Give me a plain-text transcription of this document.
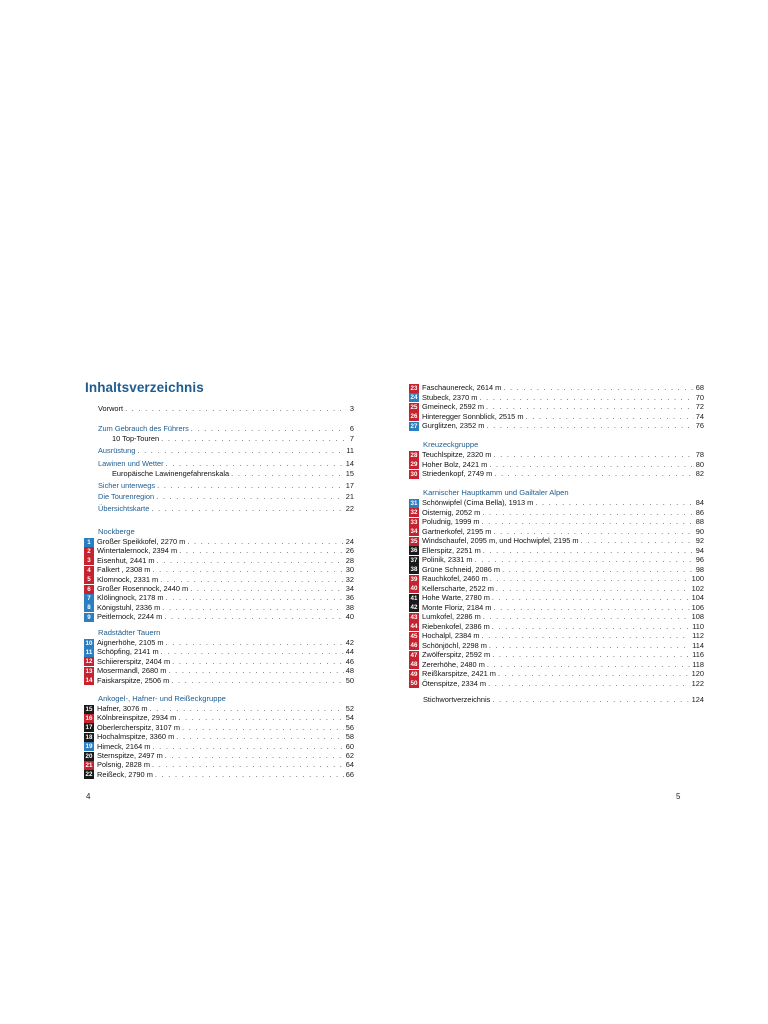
Inhaltsverzeichnis
Vorwort . . .	3
Zum Gebrauch des Führers . . .	6
10 Top-Touren . . .	7
Ausrüstung . . .	11
Lawinen und Wetter . . .	14
Europäische Lawinengefahrenskala . . .	15
Sicher unterwegs . . .	17
Die Tourenregion . . .	21
Übersichtskarte . . .	22
Nockberge
1 Großer Speikkofel, 2270 m . . .	24
2 Wintertalernock, 2394 m . . .	26
3 Eisenhut, 2441 m . . .	28
4 Falkert , 2308 m . . .	30
5 Klomnock, 2331 m . . .	32
6 Großer Rosennock, 2440 m . . .	34
7 Klölingnock, 2178 m . . .	36
8 Königstuhl, 2336 m . . .	38
9 Peitlernock, 2244 m . . .	40
Radstädter Tauern
10 Aignerhöhe, 2105 m . . .	42
11 Schöpfing, 2141 m . . .	44
12 Schiiererspitz, 2404 m . . .	46
13 Mosermandl, 2680 m . . .	48
14 Faiskarspitze, 2506 m . . .	50
Ankogel-, Hafner- und Reißeckgruppe
15 Hafner, 3076 m . . .	52
16 Kölnbreinspitze, 2934 m . . .	54
17 Oberlercherspitz, 3107 m . . .	56
18 Hochalmspitze, 3360 m . . .	58
19 Himeck, 2164 m . . .	60
20 Sternspitze, 2497 m . . .	62
21 Polsnig, 2828 m . . .	64
22 Reißeck, 2790 m . . .	66
4
23 Faschaunereck, 2614 m . . .	68
24 Stubeck, 2370 m . . .	70
25 Gmeineck, 2592 m . . .	72
26 Hinteregger Sonnblick, 2515 m . . .	74
27 Gurglitzen, 2352 m . . .	76
Kreuzeckgruppe
28 Teuchlspitze, 2320 m . . .	78
29 Hoher Bolz, 2421 m . . .	80
30 Striedenkopf, 2749 m . . .	82
Karnischer Hauptkamm und Gailtaler Alpen
31 Schönwipfel (Cima Bella), 1913 m . . .	84
32 Oisternig, 2052 m . . .	86
33 Poludnig, 1999 m . . .	88
34 Gartnerkofel, 2195 m . . .	90
35 Windschaufel, 2095 m, und Hochwipfel, 2195 m . . .	92
36 Ellerspitz, 2251 m . . .	94
37 Polinik, 2331 m . . .	96
38 Grüne Schneid, 2086 m . . .	98
39 Rauchkofel, 2460 m . . .	100
40 Kellerscharte, 2522 m . . .	102
41 Hohe Warte, 2780 m . . .	104
42 Monte Floriz, 2184 m . . .	106
43 Lumkofel, 2286 m . . .	108
44 Riebenkofel, 2386 m . . .	110
45 Hochalpl, 2384 m . . .	112
46 Schönjöchl, 2298 m . . .	114
47 Zwölferspitz, 2592 m . . .	116
48 Zererhöhe, 2480 m . . .	118
49 Reißkarspitze, 2421 m . . .	120
50 Ötenspitze, 2334 m . . .	122
Stichwortverzeichnis . . .	124
5
